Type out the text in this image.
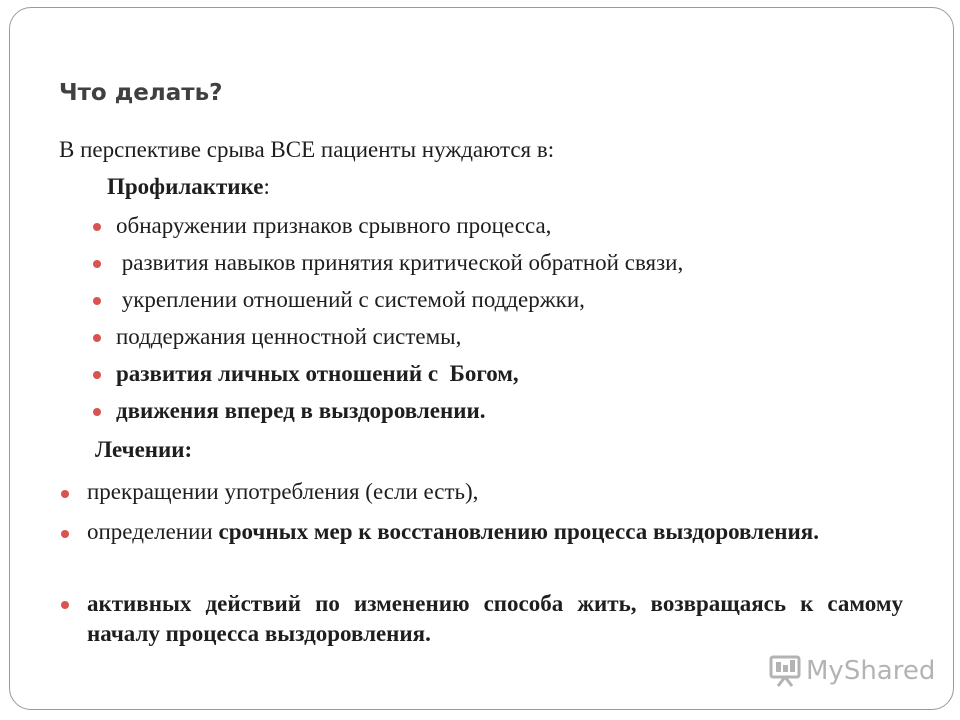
Что делать?
В перспективе срыва ВСЕ пациенты нуждаются в:
Профилактике:
обнаружении признаков срывного процесса,
развития навыков принятия критической обратной связи,
укреплении отношений с системой поддержки,
поддержания ценностной системы,
развития личных отношений с  Богом,
движения вперед в выздоровлении.
Лечении:
прекращении употребления (если есть),
определении срочных мер к восстановлению процесса выздоровления.
активных действий по изменению способа жить, возвращаясь к самому началу процесса выздоровления.
MyShared
